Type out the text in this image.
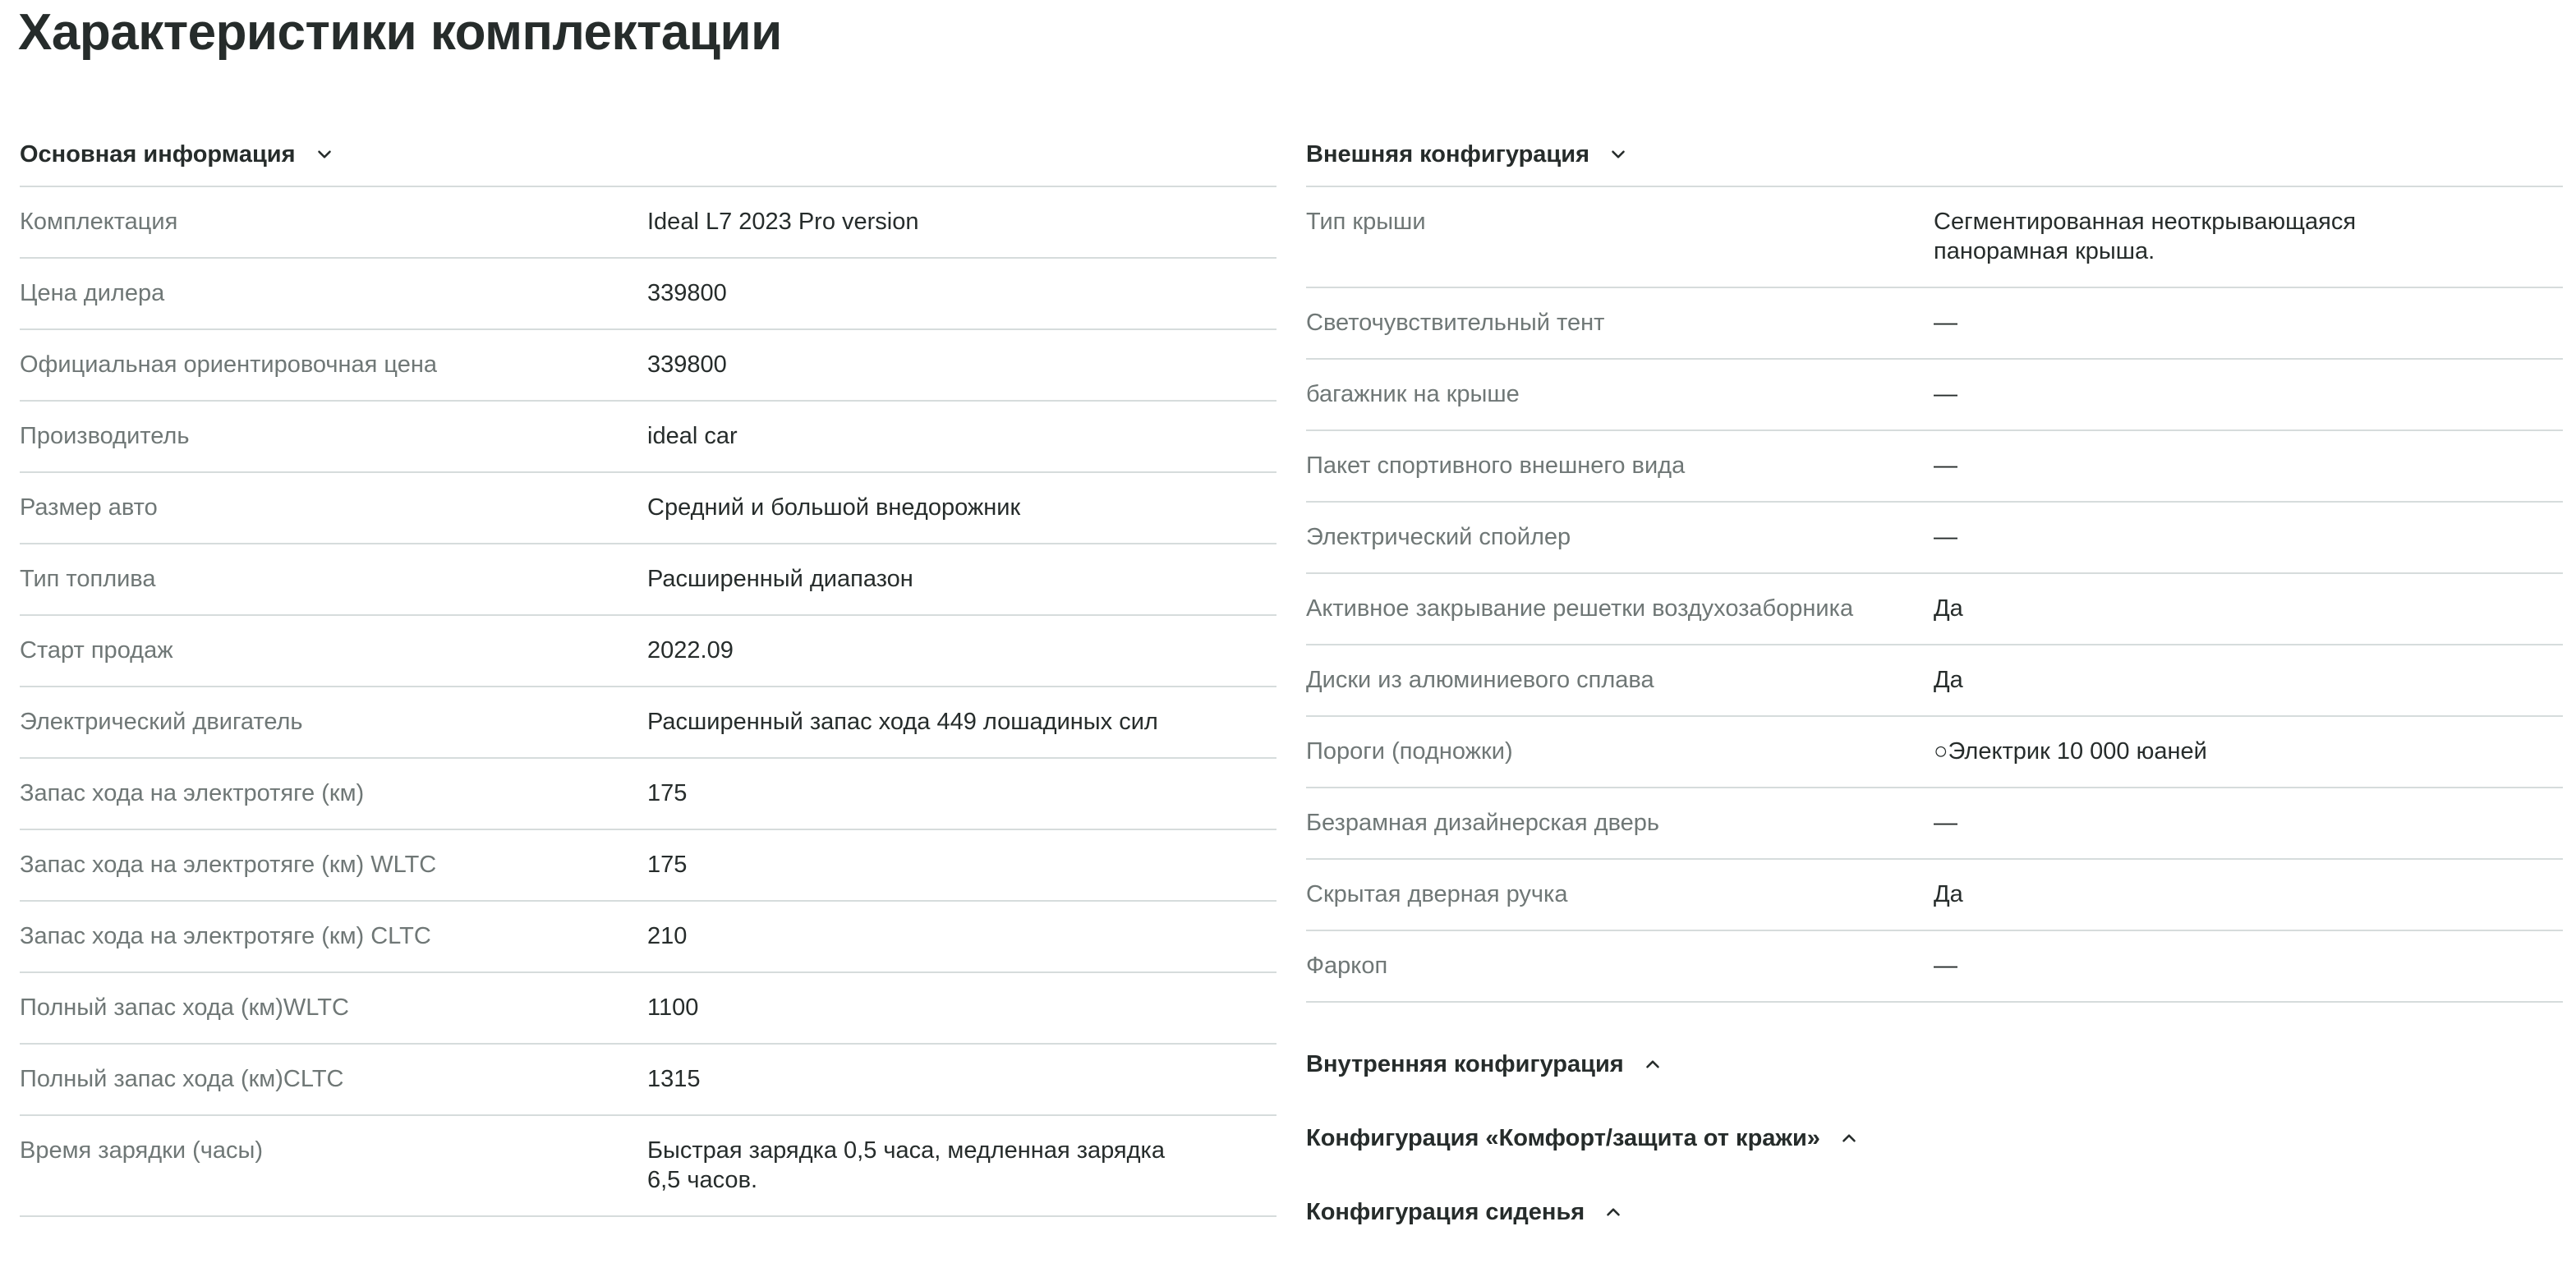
Характеристики комплектации
Основная информация
Комплектация	Ideal L7 2023 Pro version
Цена дилера	339800
Официальная ориентировочная цена	339800
Производитель	ideal car
Размер авто	Средний и большой внедорожник
Тип топлива	Расширенный диапазон
Старт продаж	2022.09
Электрический двигатель	Расширенный запас хода 449 лошадиных сил
Запас хода на электротяге (км)	175
Запас хода на электротяге (км) WLTC	175
Запас хода на электротяге (км) CLTC	210
Полный запас хода (км)WLTC	1100
Полный запас хода (км)CLTC	1315
Время зарядки (часы)	Быстрая зарядка 0,5 часа, медленная зарядка 6,5 часов.
Внешняя конфигурация
Тип крыши	Сегментированная неоткрывающаяся панорамная крыша.
Светочувствительный тент	—
багажник на крыше	—
Пакет спортивного внешнего вида	—
Электрический спойлер	—
Активное закрывание решетки воздухозаборника	Да
Диски из алюминиевого сплава	Да
Пороги (подножки)	○Электрик 10 000 юаней
Безрамная дизайнерская дверь	—
Скрытая дверная ручка	Да
Фаркоп	—
Внутренняя конфигурация
Конфигурация «Комфорт/защита от кражи»
Конфигурация сиденья
